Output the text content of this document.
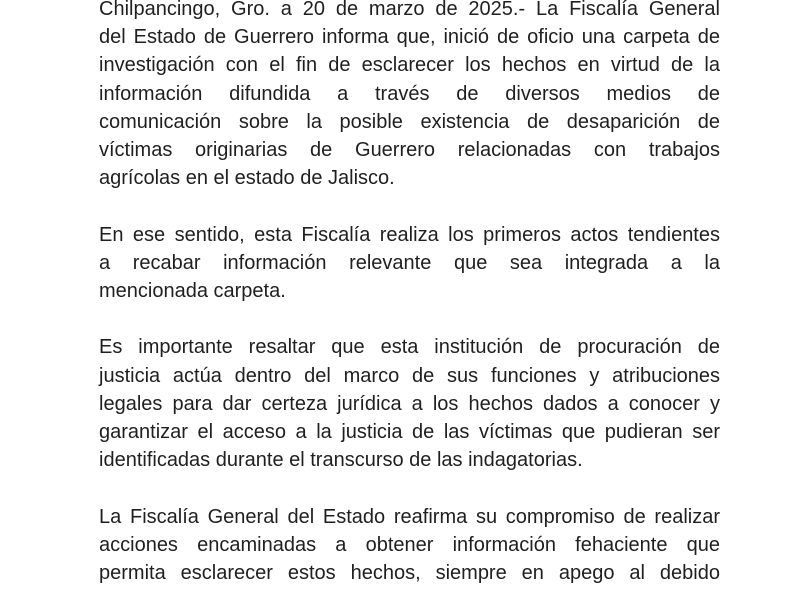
Chilpancingo, Gro. a 20 de marzo de 2025.- La Fiscalía General
del Estado de Guerrero informa que, inició de oficio una carpeta de
investigación con el fin de esclarecer los hechos en virtud de la
información difundida a través de diversos medios de
comunicación sobre la posible existencia de desaparición de
víctimas originarias de Guerrero relacionadas con trabajos
agrícolas en el estado de Jalisco.

En ese sentido, esta Fiscalía realiza los primeros actos tendientes
a recabar información relevante que sea integrada a la
mencionada carpeta.

Es importante resaltar que esta institución de procuración de
justicia actúa dentro del marco de sus funciones y atribuciones
legales para dar certeza jurídica a los hechos dados a conocer y
garantizar el acceso a la justicia de las víctimas que pudieran ser
identificadas durante el transcurso de las indagatorias.

La Fiscalía General del Estado reafirma su compromiso de realizar
acciones encaminadas a obtener información fehaciente que
permita esclarecer estos hechos, siempre en apego al debido
